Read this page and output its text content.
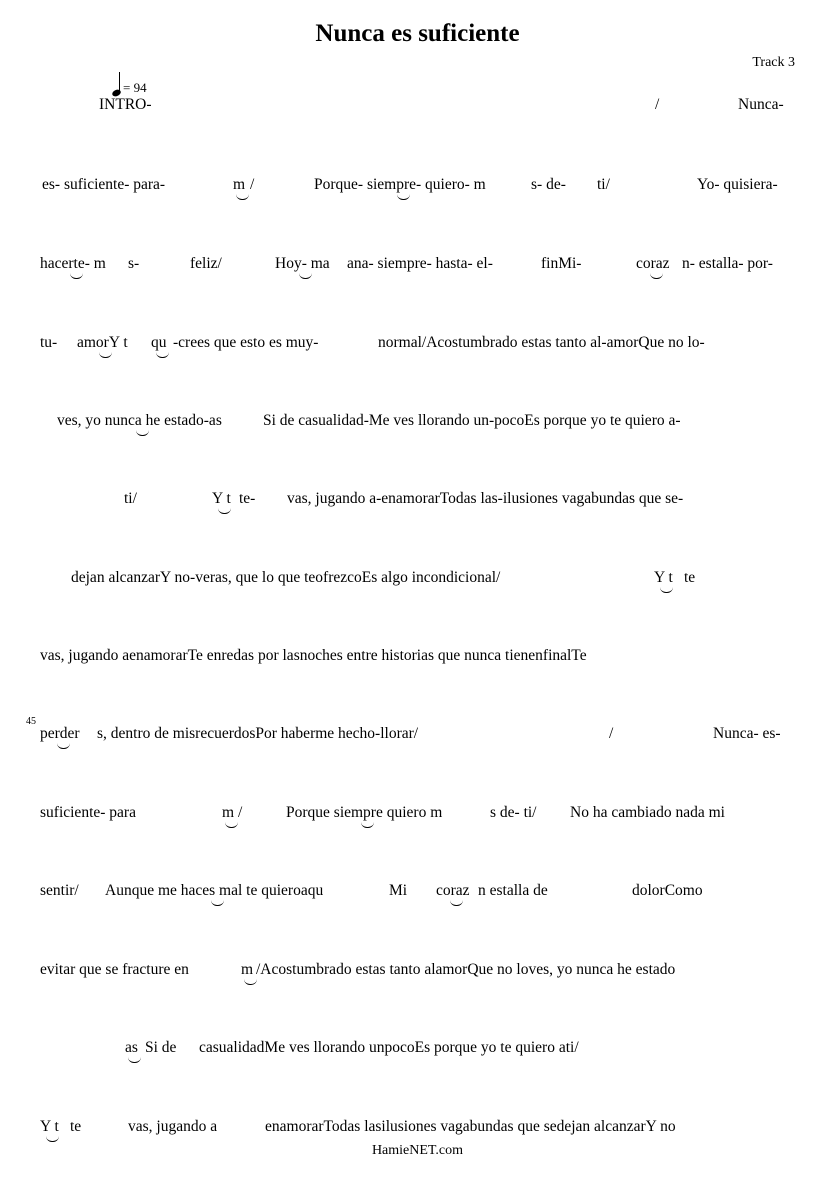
Nunca es suficiente
Track 3
= 94
45
INTRO-	/	Nunca-
es- suficiente- para-	m /	Porque- siempre- quiero- m	s- de- ti/	Yo- quisiera-
hacerte- m s-	feliz/	Hoy- ma ana- siempre- hasta- el-	finMi-	coraz n- estalla- por-
tu- amorY t qu -crees que esto es muy-	normal/Acostumbrado estas tanto al-amorQue no lo-
ves, yo nunca he estado-as	Si de casualidad-Me ves llorando un-pocoEs porque yo te quiero a-
ti/	Y t te- vas, jugando a-enamorarTodas las-ilusiones vagabundas que se-
dejan alcanzarY no-veras, que lo que teofrezcoEs algo incondicional/	Y t te
vas, jugando aenamorarTe enredas por lasnoches entre historias que nunca tienenfinalTe
perder s, dentro de misrecuerdosPor haberme hecho-llorar/	/	Nunca- es-
suficiente- para	m /	Porque siempre quiero m	s de- ti/ No ha cambiado nada mi
sentir/ Aunque me haces mal te quieroaqu	Mi coraz n estalla de	dolorComo
evitar que se fracture en	m /Acostumbrado estas tanto alamorQue no loves, yo nunca he estado
as Si de casualidadMe ves llorando unpocoEs porque yo te quiero ati/
Y t te	vas, jugando a	enamorarTodas lasilusiones vagabundas que sedejan alcanzarY no
HamieNET.com
